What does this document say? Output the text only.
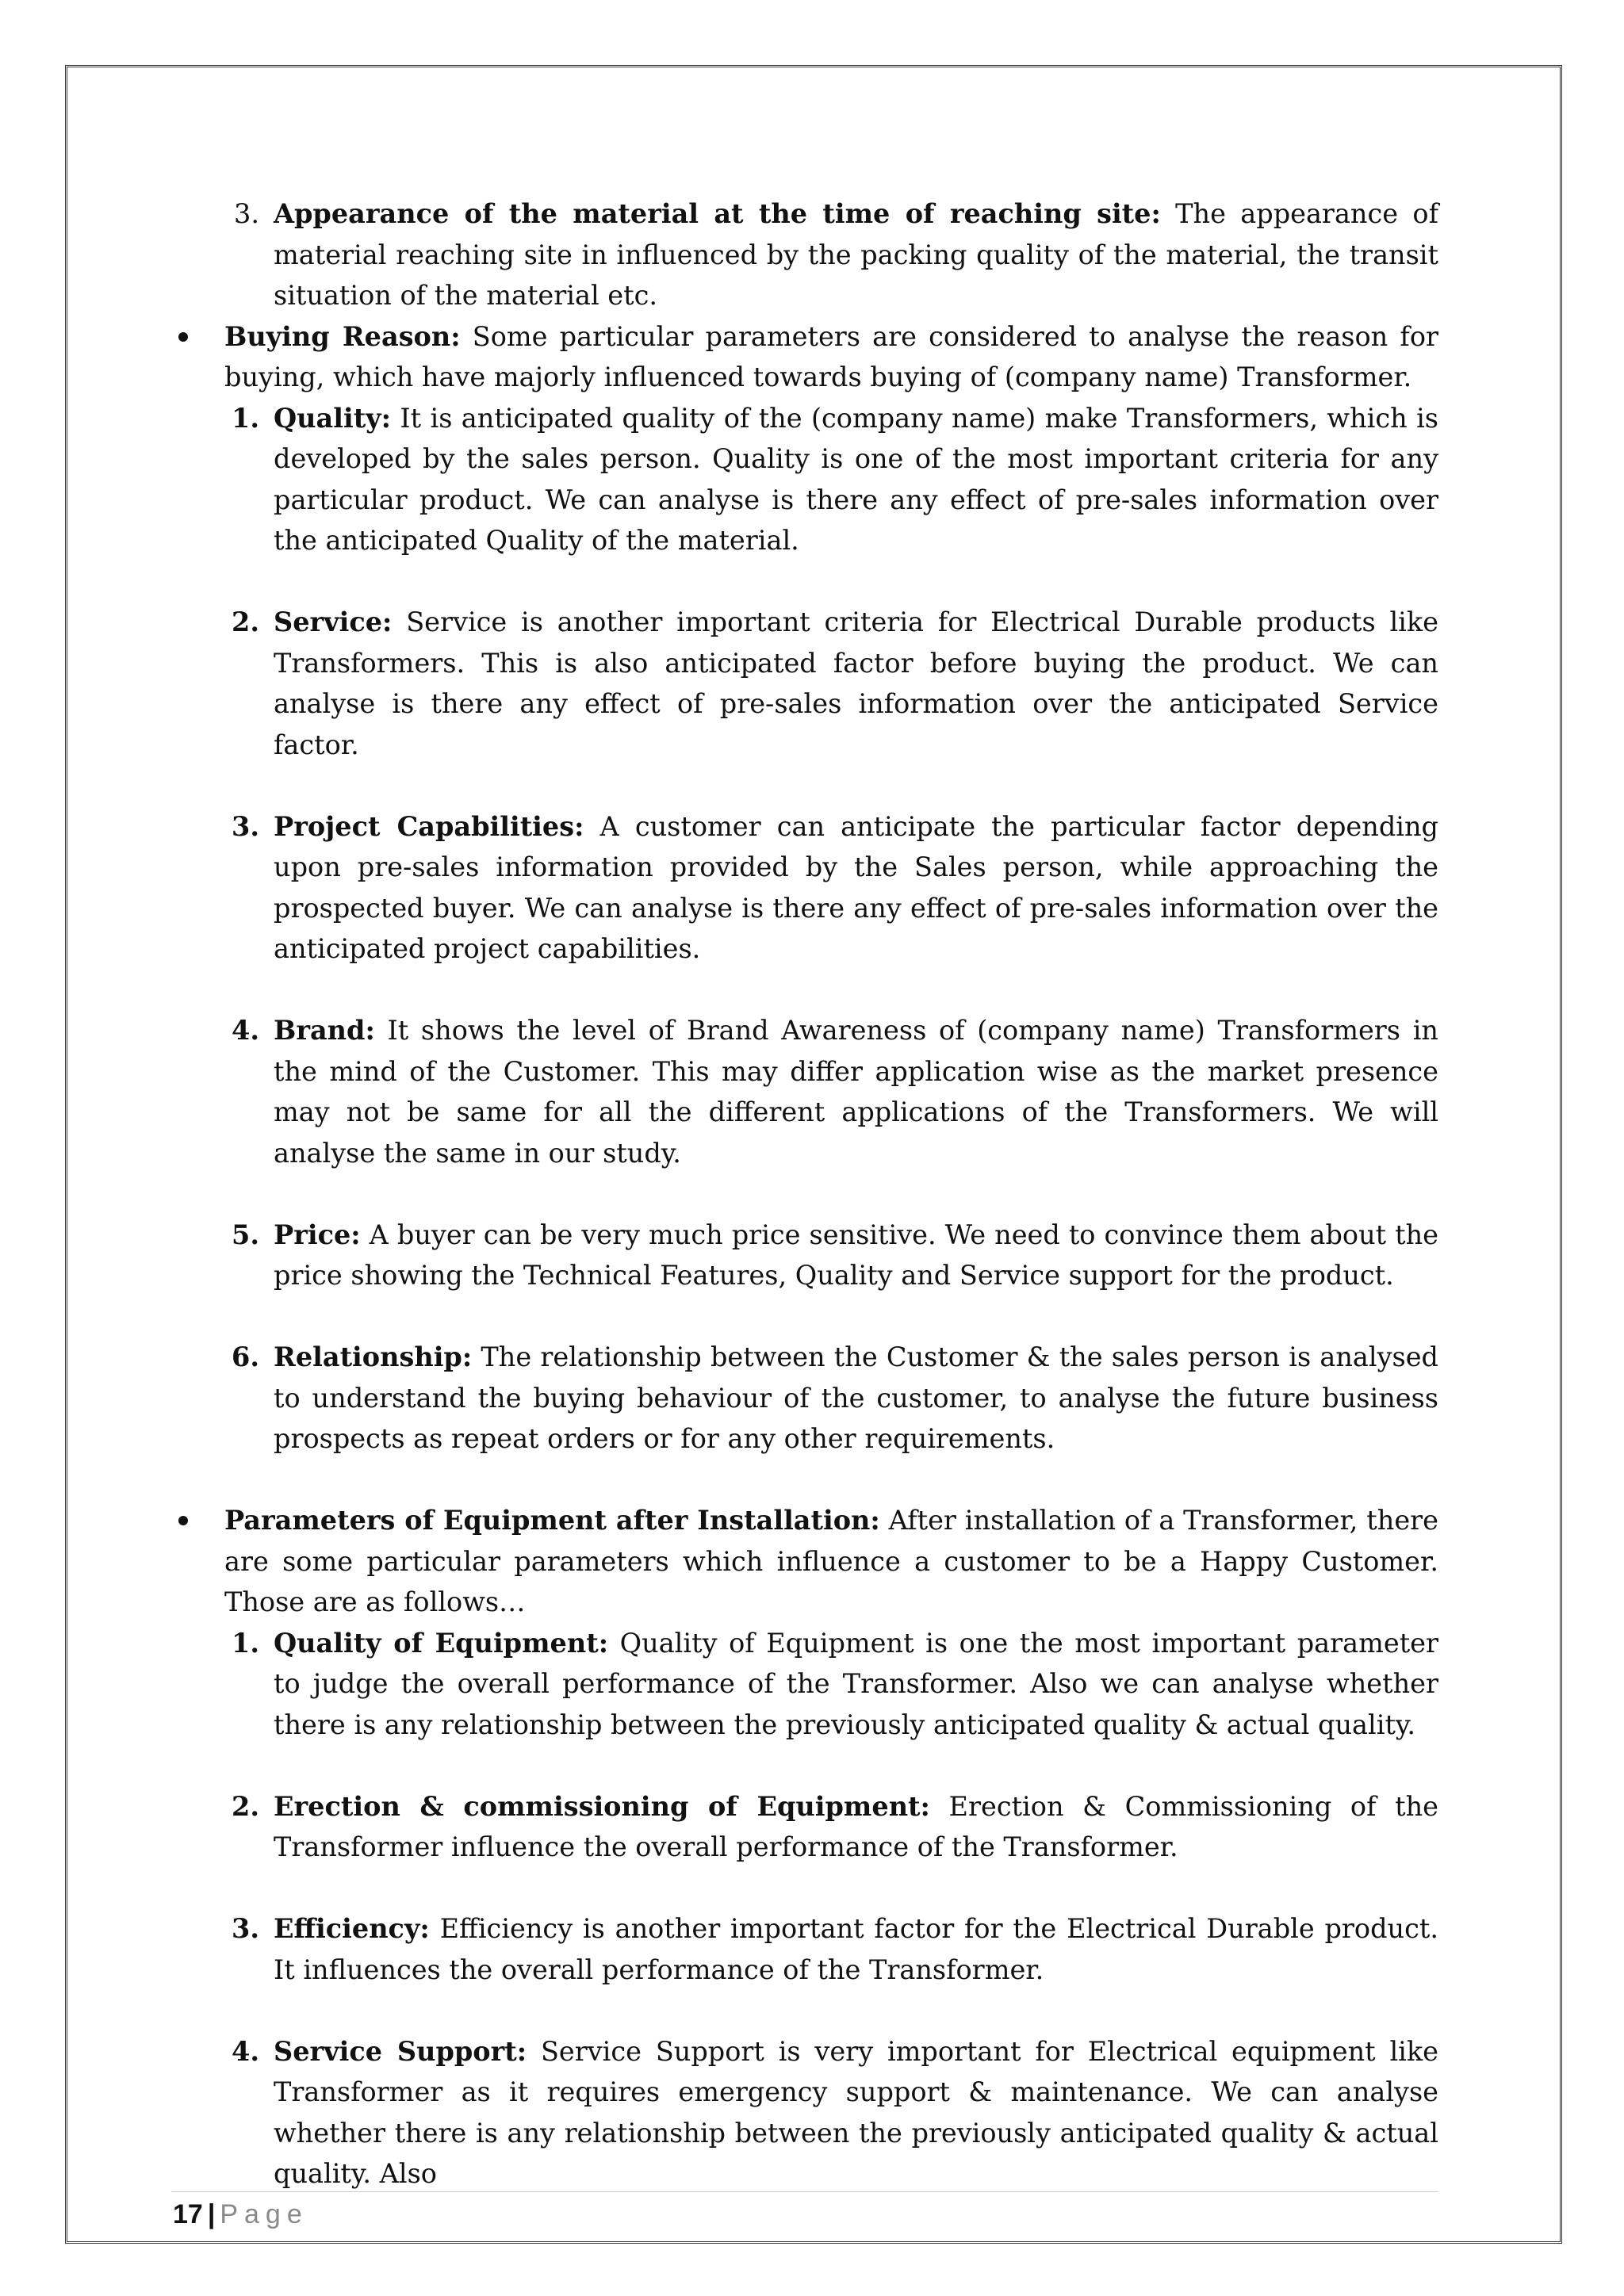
3. Appearance of the material at the time of reaching site: The appearance of material reaching site in influenced by the packing quality of the material, the transit situation of the material etc.
Buying Reason: Some particular parameters are considered to analyse the reason for buying, which have majorly influenced towards buying of (company name) Transformer.
1. Quality: It is anticipated quality of the (company name) make Transformers, which is developed by the sales person. Quality is one of the most important criteria for any particular product. We can analyse is there any effect of pre-sales information over the anticipated Quality of the material.
2. Service: Service is another important criteria for Electrical Durable products like Transformers. This is also anticipated factor before buying the product. We can analyse is there any effect of pre-sales information over the anticipated Service factor.
3. Project Capabilities: A customer can anticipate the particular factor depending upon pre-sales information provided by the Sales person, while approaching the prospected buyer. We can analyse is there any effect of pre-sales information over the anticipated project capabilities.
4. Brand: It shows the level of Brand Awareness of (company name) Transformers in the mind of the Customer. This may differ application wise as the market presence may not be same for all the different applications of the Transformers. We will analyse the same in our study.
5. Price: A buyer can be very much price sensitive. We need to convince them about the price showing the Technical Features, Quality and Service support for the product.
6. Relationship: The relationship between the Customer & the sales person is analysed to understand the buying behaviour of the customer, to analyse the future business prospects as repeat orders or for any other requirements.
Parameters of Equipment after Installation: After installation of a Transformer, there are some particular parameters which influence a customer to be a Happy Customer. Those are as follows…
1. Quality of Equipment: Quality of Equipment is one the most important parameter to judge the overall performance of the Transformer. Also we can analyse whether there is any relationship between the previously anticipated quality & actual quality.
2. Erection & commissioning of Equipment: Erection & Commissioning of the Transformer influence the overall performance of the Transformer.
3. Efficiency: Efficiency is another important factor for the Electrical Durable product. It influences the overall performance of the Transformer.
4. Service Support: Service Support is very important for Electrical equipment like Transformer as it requires emergency support & maintenance. We can analyse whether there is any relationship between the previously anticipated quality & actual quality. Also
17 | Page
